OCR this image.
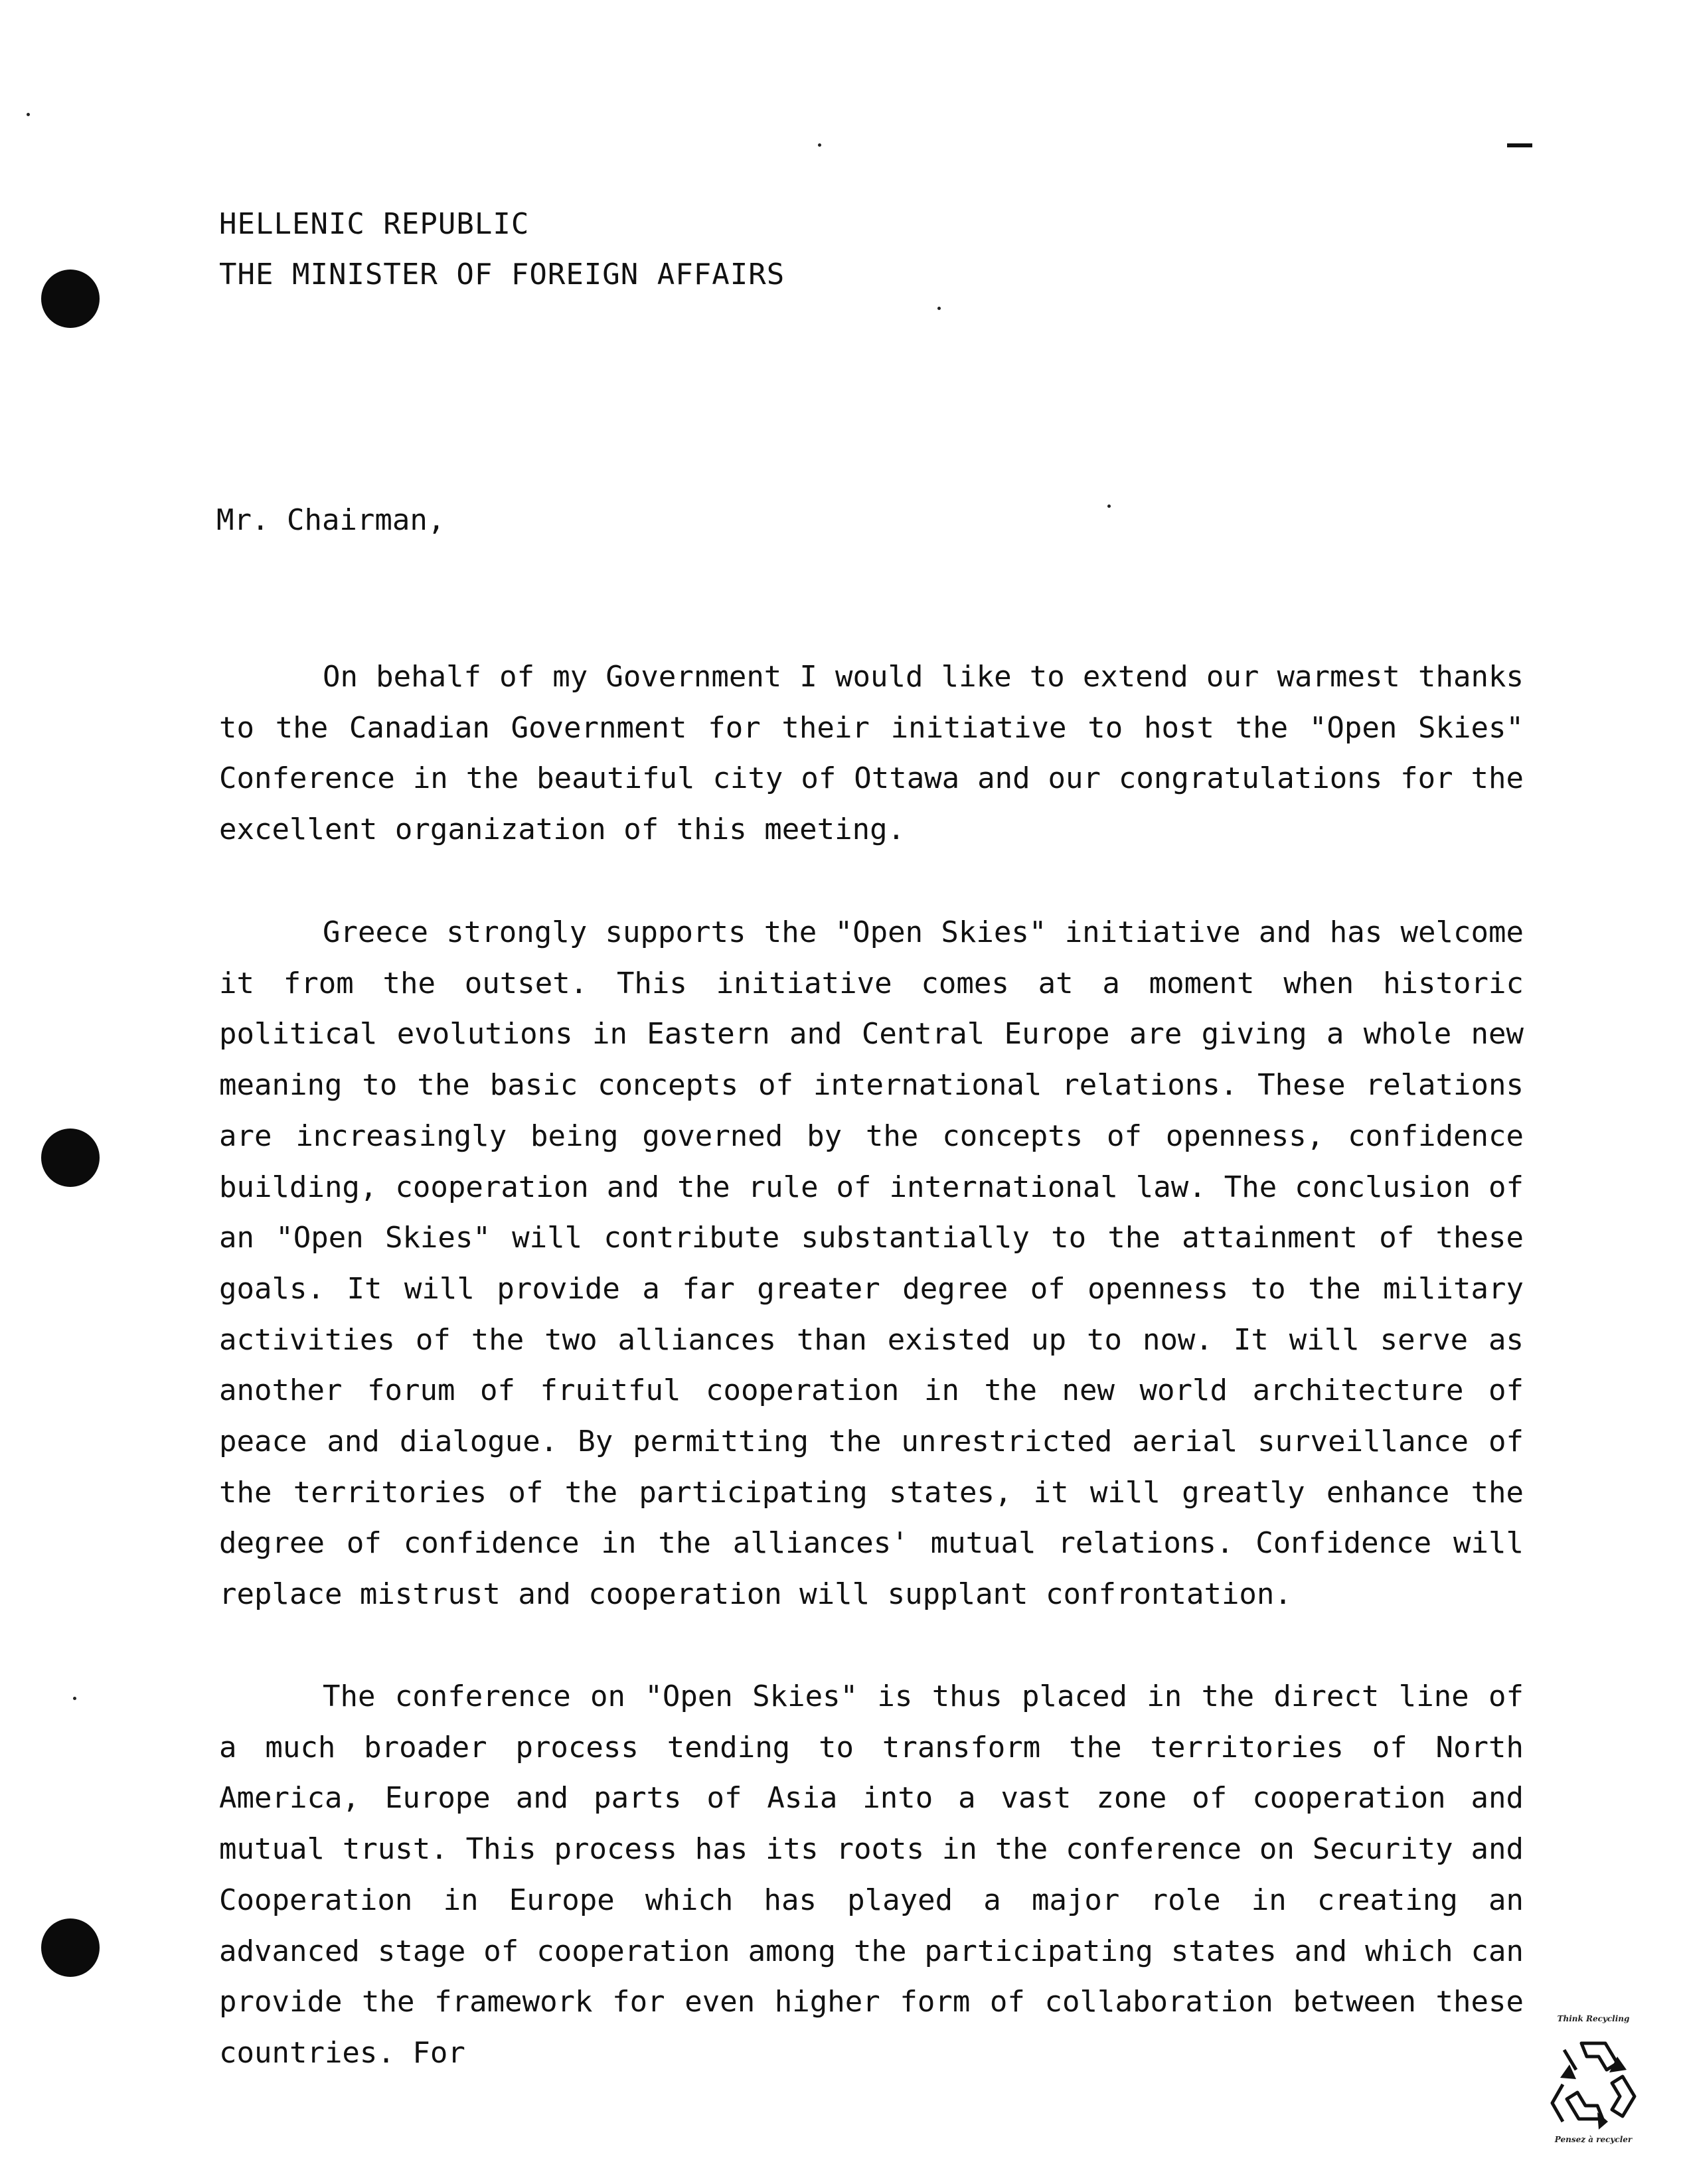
HELLENIC REPUBLIC
THE MINISTER OF FOREIGN AFFAIRS
Mr. Chairman,

On behalf of my Government I would like to extend our warmest thanks to the Canadian Government for their initiative to host the "Open Skies" Conference in the beautiful city of Ottawa and our congratulations for the excellent organization of this meeting.

Greece strongly supports the "Open Skies" initiative and has welcome it from the outset. This initiative comes at a moment when historic political evolutions in Eastern and Central Europe are giving a whole new meaning to the basic concepts of international relations. These relations are increasingly being governed by the concepts of openness, confidence building, cooperation and the rule of international law. The conclusion of an "Open Skies" will contribute substantially to the attainment of these goals. It will provide a far greater degree of openness to the military activities of the two alliances than existed up to now. It will serve as another forum of fruitful cooperation in the new world architecture of peace and dialogue. By permitting the unrestricted aerial surveillance of the territories of the participating states, it will greatly enhance the degree of confidence in the alliances' mutual relations. Confidence will replace mistrust and cooperation will supplant confrontation.

The conference on "Open Skies" is thus placed in the direct line of a much broader process tending to transform the territories of North America, Europe and parts of Asia into a vast zone of cooperation and mutual trust. This process has its roots in the conference on Security and Cooperation in Europe which has played a major role in creating an advanced stage of cooperation among the participating states and which can provide the framework for even higher form of collaboration between these countries. For

Think Recycling
Pensez à recycler
